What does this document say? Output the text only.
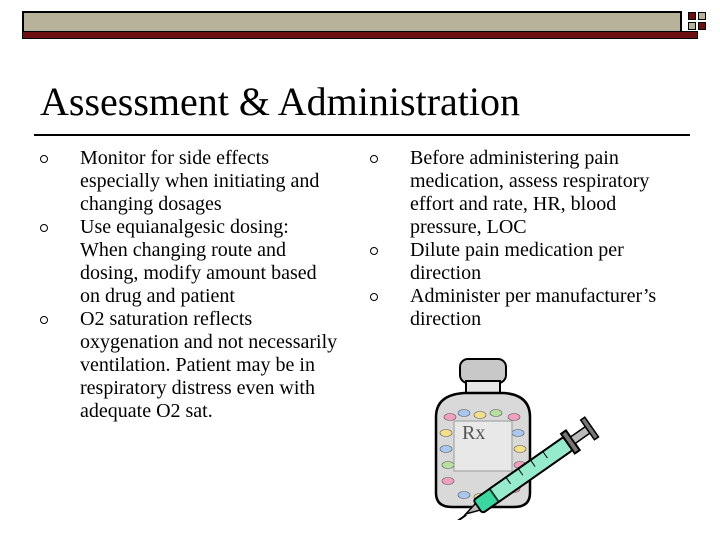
Assessment & Administration
Monitor for side effects especially when initiating and changing dosages
Use equianalgesic dosing: When changing route and dosing, modify amount based on drug and patient
O2 saturation reflects oxygenation and not necessarily ventilation. Patient may be in respiratory distress even with adequate O2 sat.
Before administering pain medication, assess respiratory effort and rate, HR, blood pressure, LOC
Dilute pain medication per direction
Administer per manufacturer’s direction
Rx
